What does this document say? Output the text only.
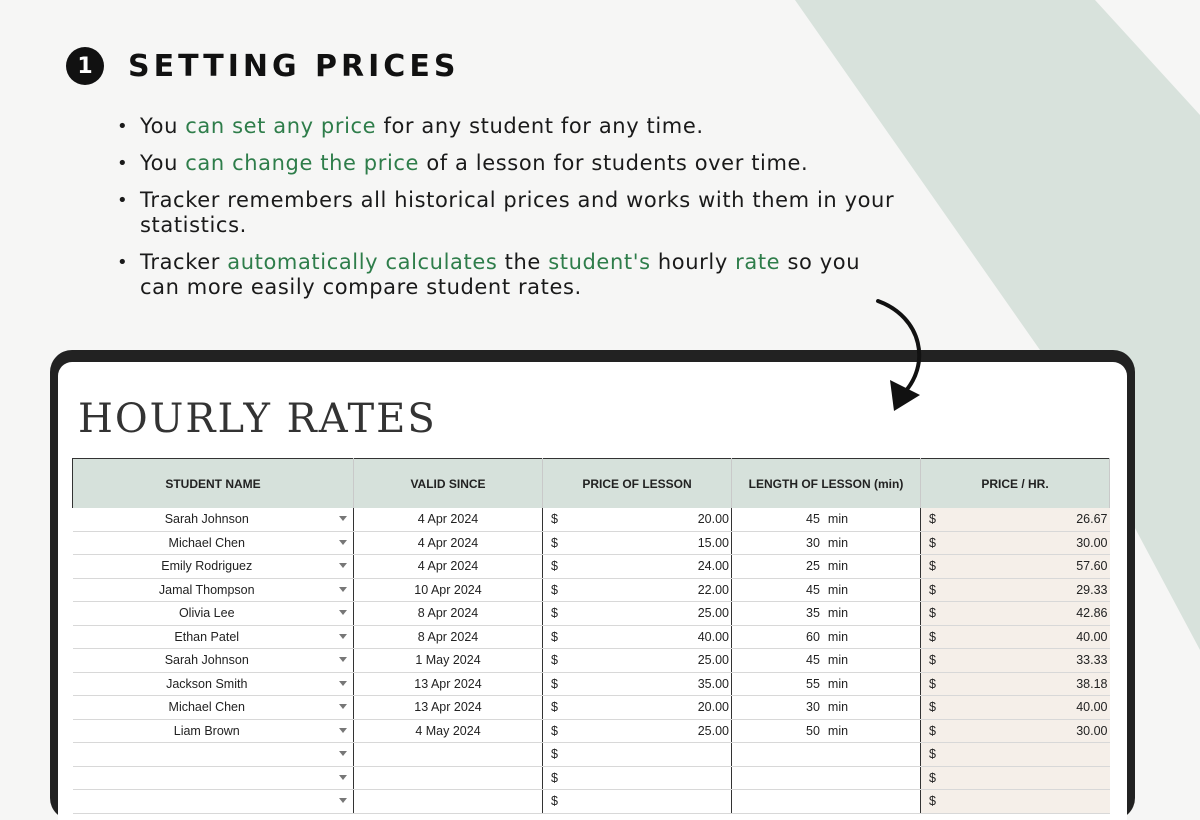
1	SETTING PRICES
• You can set any price for any student for any time.
• You can change the price of a lesson for students over time.
• Tracker remembers all historical prices and works with them in your statistics.
• Tracker automatically calculates the student's hourly rate so you can more easily compare student rates.
HOURLY RATES
STUDENT NAME	VALID SINCE	PRICE OF LESSON	LENGTH OF LESSON (min)	PRICE / HR.
Sarah Johnson	4 Apr 2024	$ 20.00	45 min	$ 26.67

Michael Chen	4 Apr 2024	$ 15.00	30 min	$ 30.00

Emily Rodriguez	4 Apr 2024	$ 24.00	25 min	$ 57.60

Jamal Thompson	10 Apr 2024	$ 22.00	45 min	$ 29.33

Olivia Lee	8 Apr 2024	$ 25.00	35 min	$ 42.86

Ethan Patel	8 Apr 2024	$ 40.00	60 min	$ 40.00

Sarah Johnson	1 May 2024	$ 25.00	45 min	$ 33.33

Jackson Smith	13 Apr 2024	$ 35.00	55 min	$ 38.18

Michael Chen	13 Apr 2024	$ 20.00	30 min	$ 40.00

Liam Brown	4 May 2024	$ 25.00	50 min	$ 30.00

		$		$

		$		$

		$		$
